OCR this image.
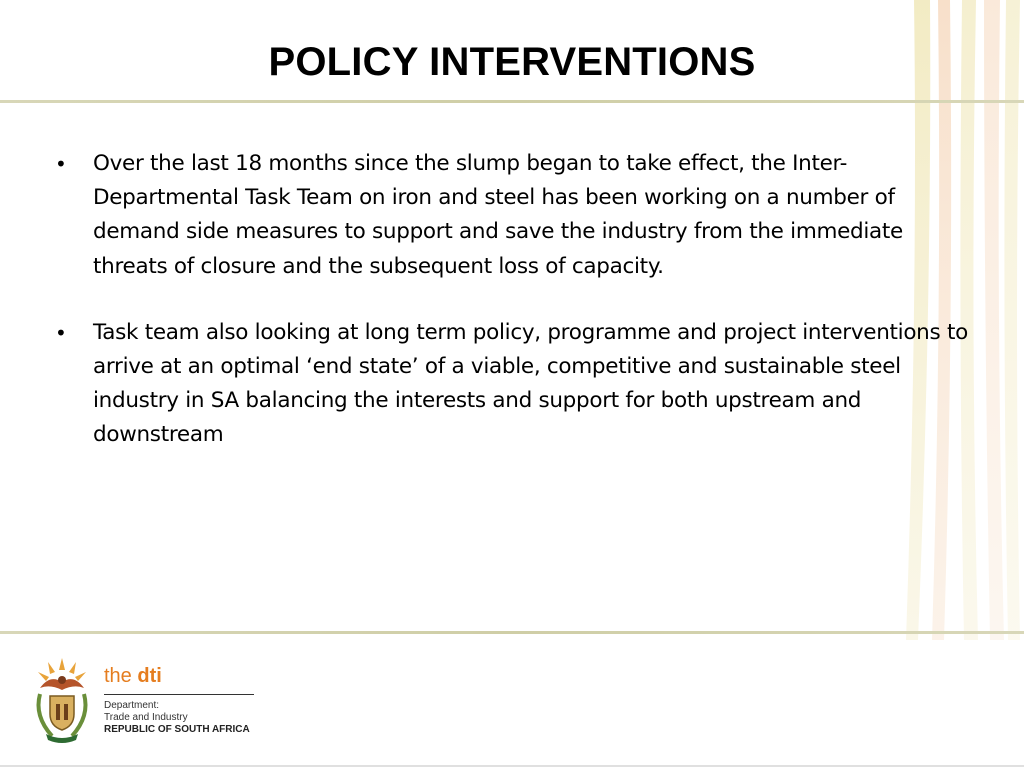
POLICY INTERVENTIONS

•	Over the last 18 months since the slump began to take effect, the Inter-Departmental Task Team on iron and steel has been working on a number of demand side measures to support and save the industry from the immediate threats of closure and the subsequent loss of capacity.

•	Task team also looking at long term policy, programme and project interventions to arrive at an optimal ‘end state’ of a viable, competitive and sustainable steel industry in SA balancing the interests and support for both upstream and downstream

the dti
Department:
Trade and Industry
REPUBLIC OF SOUTH AFRICA
